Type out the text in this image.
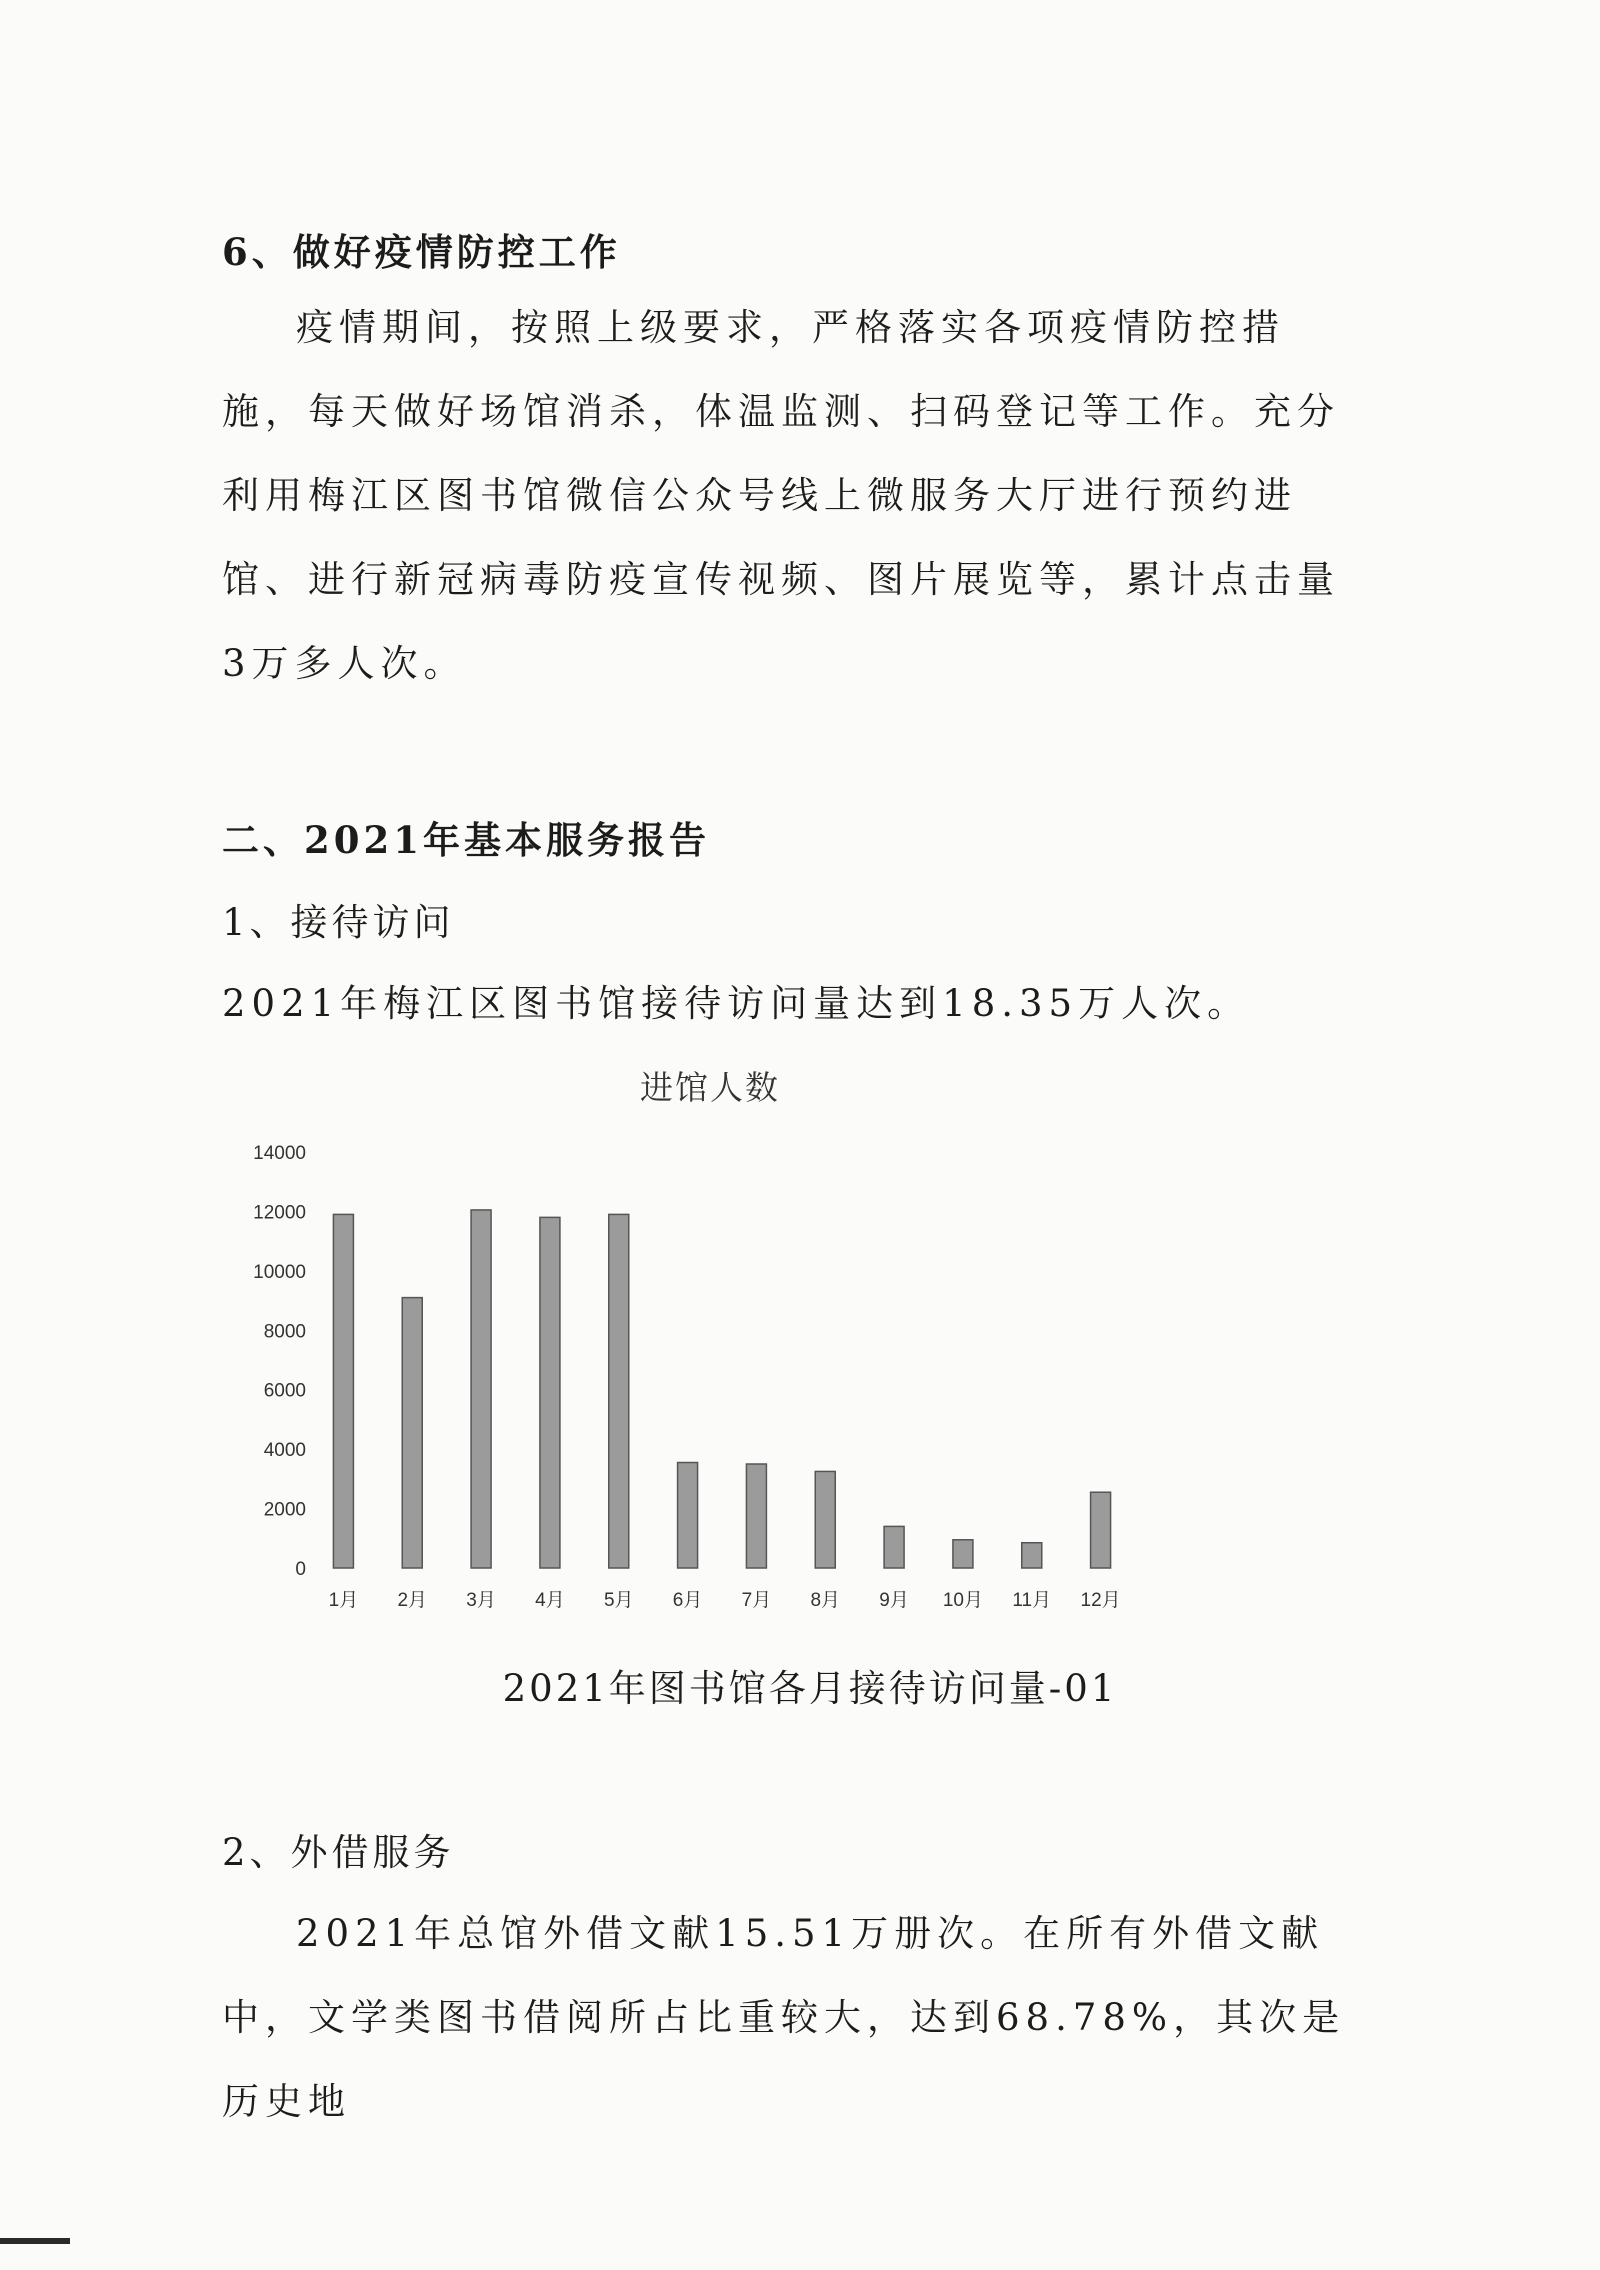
6、做好疫情防控工作

疫情期间，按照上级要求，严格落实各项疫情防控措施，每天做好场馆消杀，体温监测、扫码登记等工作。充分利用梅江区图书馆微信公众号线上微服务大厅进行预约进馆、进行新冠病毒防疫宣传视频、图片展览等，累计点击量3万多人次。

二、2021年基本服务报告
1、接待访问

2021年梅江区图书馆接待访问量达到18.35万人次。

进馆人数
0
2000
4000
6000
8000
10000
12000
14000
1月 2月 3月 4月 5月 6月 7月 8月 9月 10月 11月 12月
2021年图书馆各月接待访问量-01
2、外借服务

2021年总馆外借文献15.51万册次。在所有外借文献中，文学类图书借阅所占比重较大，达到68.78%，其次是历史地
